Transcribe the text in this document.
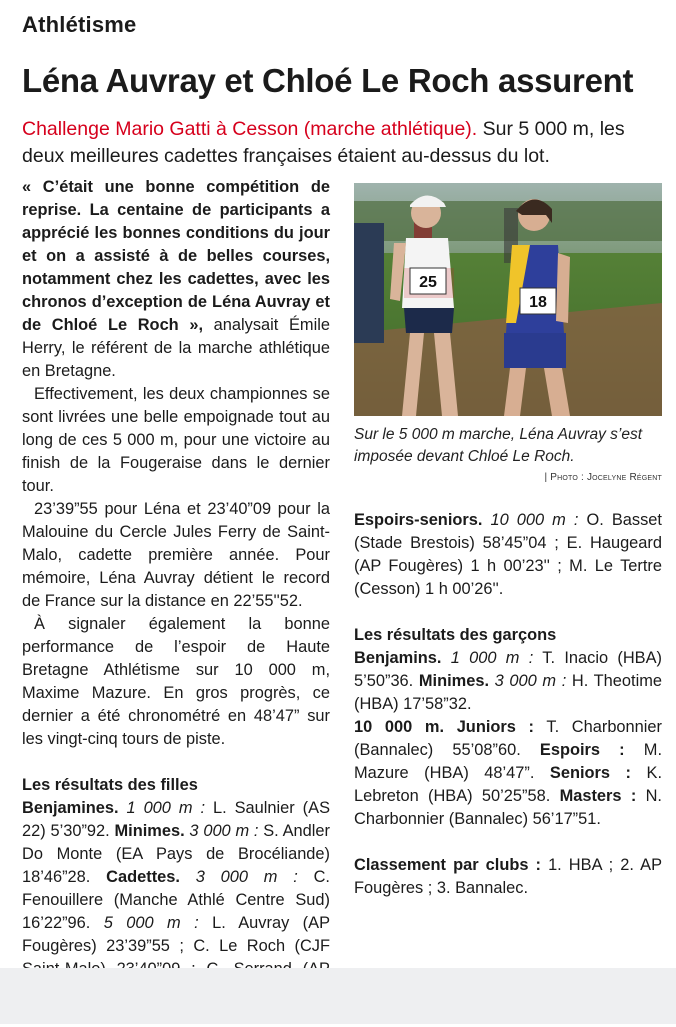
Athlétisme
Léna Auvray et Chloé Le Roch assurent
Challenge Mario Gatti à Cesson (marche athlétique). Sur 5 000 m, les deux meilleures cadettes françaises étaient au-dessus du lot.

« C’était une bonne compétition de reprise. La centaine de participants a apprécié les bonnes conditions du jour et on a assisté à de belles courses, notamment chez les cadettes, avec les chronos d’exception de Léna Auvray et de Chloé Le Roch », analysait Émile Herry, le référent de la marche athlétique en Bretagne.

Effectivement, les deux championnes se sont livrées une belle empoignade tout au long de ces 5 000 m, pour une victoire au finish de la Fougeraise dans le dernier tour.

23’39”55 pour Léna et 23’40”09 pour la Malouine du Cercle Jules Ferry de Saint-Malo, cadette première année. Pour mémoire, Léna Auvray détient le record de France sur la distance en 22’55''52.

À signaler également la bonne performance de l’espoir de Haute Bretagne Athlétisme sur 10 000 m, Maxime Mazure. En gros progrès, ce dernier a été chronométré en 48’47” sur les vingt-cinq tours de piste.

Les résultats des filles

Benjamines. 1 000 m : L. Saulnier (AS 22) 5’30”92. Minimes. 3 000 m : S. Andler Do Monte (EA Pays de Brocéliande) 18’46”28. Cadettes. 3 000 m : C. Fenouillere (Manche Athlé Centre Sud) 16’22”96. 5 000 m : L. Auvray (AP Fougères) 23’39”55 ; C. Le Roch (CJF

25
18
Sur le 5 000 m marche, Léna Auvray s’est imposée devant Chloé Le Roch.
| Photo : Jocelyne Régent

Espoirs-seniors. 10 000 m : O. Basset (Stade Brestois) 58’45”04 ; E. Haugeard (AP Fougères) 1 h 00’23'' ; M. Le Tertre (Cesson) 1 h 00’26''.

Les résultats des garçons

Benjamins. 1 000 m : T. Inacio (HBA) 5’50”36. Minimes. 3 000 m : H. Theotime (HBA) 17’58”32.

10 000 m. Juniors : T. Charbonnier (Bannalec) 55’08”60. Espoirs : M. Mazure (HBA) 48’47”. Seniors : K. Lebreton (HBA) 50’25”58. Masters : N. Charbonnier (Bannalec) 56’17”51.

Classement par clubs : 1. HBA ; 2. AP Fougères ; 3. Bannalec.
